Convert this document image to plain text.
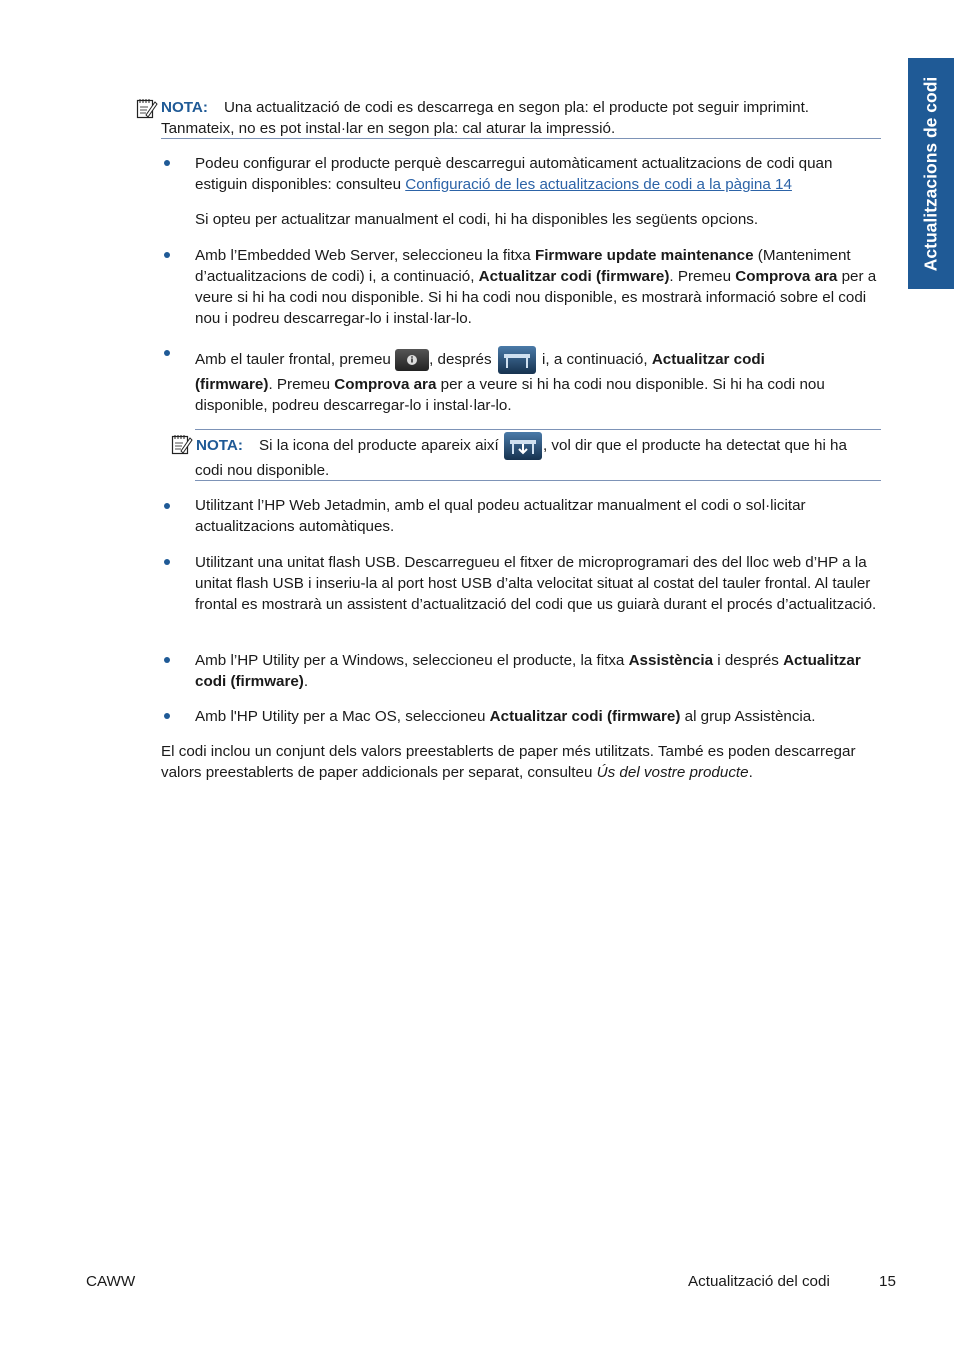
Actualitzacions de codi
NOTA: Una actualització de codi es descarrega en segon pla: el producte pot seguir imprimint.
Tanmateix, no es pot instal·lar en segon pla: cal aturar la impressió.
Podeu configurar el producte perquè descarregui automàticament actualitzacions de codi quan estiguin disponibles: consulteu Configuració de les actualitzacions de codi a la pàgina 14
Si opteu per actualitzar manualment el codi, hi ha disponibles les següents opcions.
Amb l’Embedded Web Server, seleccioneu la fitxa Firmware update maintenance (Manteniment d’actualitzacions de codi) i, a continuació, Actualitzar codi (firmware). Premeu Comprova ara per a veure si hi ha codi nou disponible. Si hi ha codi nou disponible, es mostrarà informació sobre el codi nou i podreu descarregar-lo i instal·lar-lo.
Amb el tauler frontal, premeu	, després	i, a continuació, Actualitzar codi
(firmware). Premeu Comprova ara per a veure si hi ha codi nou disponible. Si hi ha codi nou
disponible, podreu descarregar-lo i instal·lar-lo.
NOTA: Si la icona del producte apareix així	, vol dir que el producte ha detectat que hi ha
codi nou disponible.
Utilitzant l’HP Web Jetadmin, amb el qual podeu actualitzar manualment el codi o sol·licitar actualitzacions automàtiques.
Utilitzant una unitat flash USB. Descarregueu el fitxer de microprogramari des del lloc web d’HP a la unitat flash USB i inseriu-la al port host USB d’alta velocitat situat al costat del tauler frontal. Al tauler frontal es mostrarà un assistent d’actualització del codi que us guiarà durant el procés d’actualització.
Amb l’HP Utility per a Windows, seleccioneu el producte, la fitxa Assistència i després Actualitzar codi (firmware).
Amb l'HP Utility per a Mac OS, seleccioneu Actualitzar codi (firmware) al grup Assistència.
El codi inclou un conjunt dels valors preestablerts de paper més utilitzats. També es poden descarregar valors preestablerts de paper addicionals per separat, consulteu Ús del vostre producte.
CAWW	Actualització del codi	15
